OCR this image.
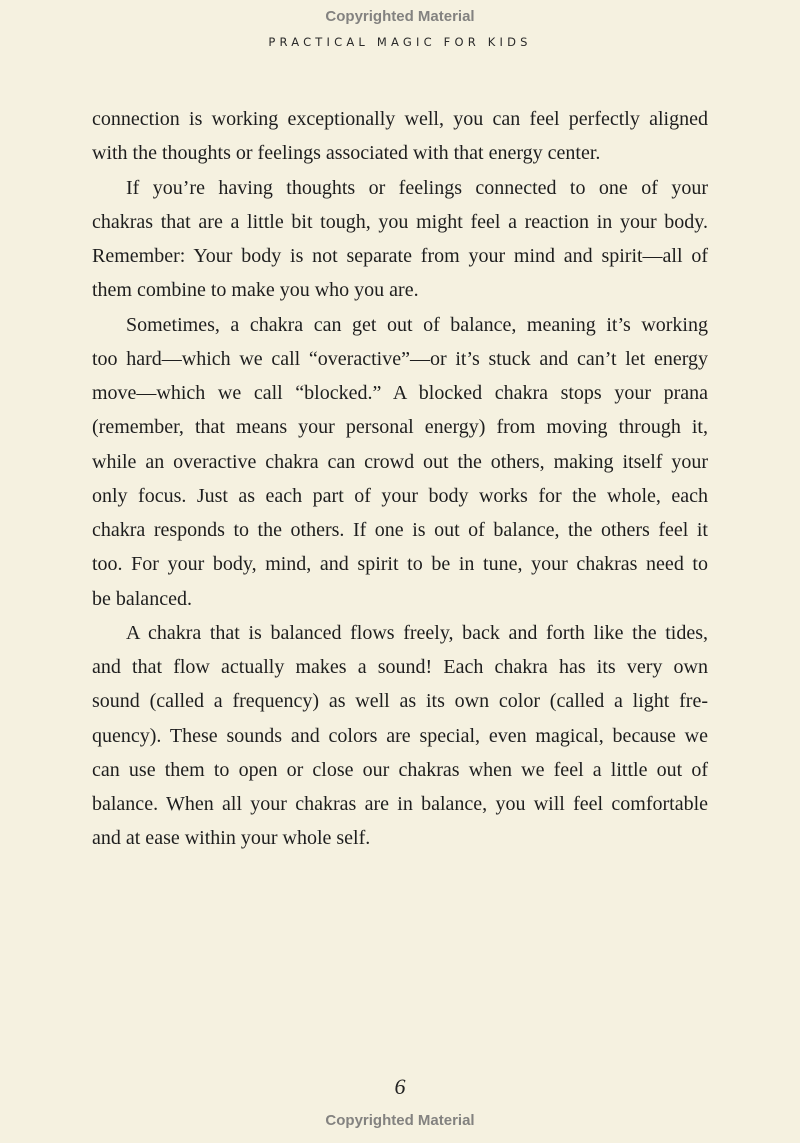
Copyrighted Material
PRACTICAL MAGIC FOR KIDS
connection is working exceptionally well, you can feel perfectly aligned
with the thoughts or feelings associated with that energy center.
If you’re having thoughts or feelings connected to one of your
chakras that are a little bit tough, you might feel a reaction in your body.
Remember: Your body is not separate from your mind and spirit—all of
them combine to make you who you are.
Sometimes, a chakra can get out of balance, meaning it’s working
too hard—which we call “overactive”—or it’s stuck and can’t let energy
move—which we call “blocked.” A blocked chakra stops your prana
(remember, that means your personal energy) from moving through it,
while an overactive chakra can crowd out the others, making itself your
only focus. Just as each part of your body works for the whole, each
chakra responds to the others. If one is out of balance, the others feel it
too. For your body, mind, and spirit to be in tune, your chakras need to
be balanced.
A chakra that is balanced flows freely, back and forth like the tides,
and that flow actually makes a sound! Each chakra has its very own
sound (called a frequency) as well as its own color (called a light fre-
quency). These sounds and colors are special, even magical, because we
can use them to open or close our chakras when we feel a little out of
balance. When all your chakras are in balance, you will feel comfortable
and at ease within your whole self.
6
Copyrighted Material
